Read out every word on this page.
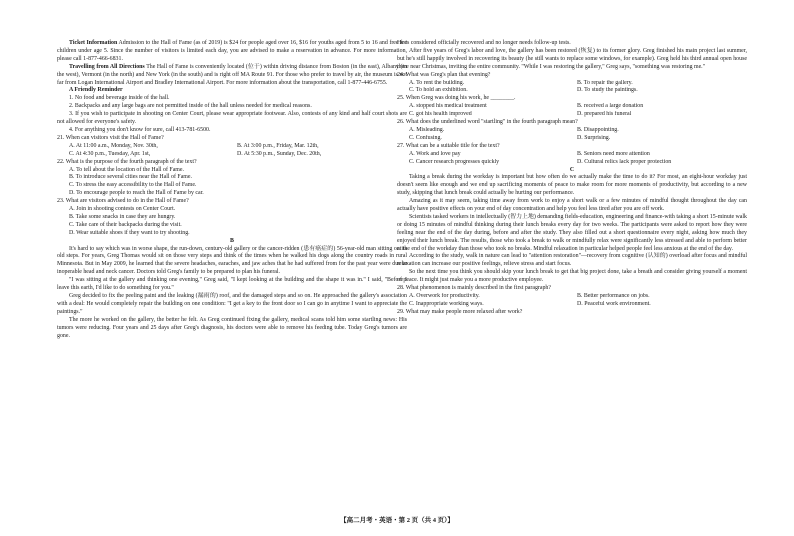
Ticket Information Admission to the Hall of Fame (as of 2019) is $24 for people aged over 16, $16 for youths aged from 5 to 16 and free for children under age 5. Since the number of visitors is limited each day, you are advised to make a reservation in advance. For more information, please call 1-877-466-6831.

Travelling from All Directions The Hall of Fame is conveniently located (位于) within driving distance from Boston (in the east), Albany (in the west), Vermont (in the north) and New York (in the south) and is right off MA Route 91. For those who prefer to travel by air, the museum is not far from Logan International Airport and Bradley International Airport. For more information about the transportation, call 1-877-446-6755.

A Friendly Reminder

1. No food and beverage inside of the hall.

2. Backpacks and any large bags are not permitted inside of the hall unless needed for medical reasons.

3. If you wish to participate in shooting on Center Court, please wear appropriate footwear. Also, contests of any kind and half court shots are not allowed for everyone's safety.

4. For anything you don't know for sure, call 413-781-6500.

21. When can visitors visit the Hall of Fame?

A. At 11:00 a.m., Monday, Nov. 30th,	B. At 3:00 p.m., Friday, Mar. 12th,
C. At 4:30 p.m., Tuesday, Apr. 1st,	D. At 5:30 p.m., Sunday, Dec. 20th,

22. What is the purpose of the fourth paragraph of the text?

A. To tell about the location of the Hall of Fame.

B. To introduce several cities near the Hall of Fame.

C. To stress the easy accessibility to the Hall of Fame.

D. To encourage people to reach the Hall of Fame by car.

23. What are visitors advised to do in the Hall of Fame?

A. Join in shooting contests on Center Court.

B. Take some snacks in case they are hungry.

C. Take care of their backpacks during the visit.

D. Wear suitable shoes if they want to try shooting.

B

It's hard to say which was in worse shape, the run-down, century-old gallery or the cancer-ridden (患有癌症的) 56-year-old man sitting on its old steps. For years, Greg Thomas would sit on those very steps and think of the times when he walked his dogs along the country roads in rural Minnesota. But in May 2009, he learned that the severe headaches, earaches, and jaw aches that he had suffered from for the past year were due to inoperable head and neck cancer. Doctors told Greg's family to be prepared to plan his funeral.

"I was sitting at the gallery and thinking one evening," Greg said, "I kept looking at the building and the shape it was in." I said, "Before I leave this earth, I'd like to do something for you."

Greg decided to fix the peeling paint and the leaking (漏雨的) roof, and the damaged steps and so on. He approached the gallery's association with a deal: He would completely repair the building on one condition: "I get a key to the front door so I can go in anytime I want to appreciate the paintings."

The more he worked on the gallery, the better he felt. As Greg continued fixing the gallery, medical scans told him some startling news: His tumors were reducing. Four years and 25 days after Greg's diagnosis, his doctors were able to remove his feeding tube. Today Greg's tumors are gone.

He is considered officially recovered and no longer needs follow-up tests.

After five years of Greg's labor and love, the gallery has been restored (恢复) to its former glory. Greg finished his main project last summer, but he's still happily involved in recovering its beauty (he still wants to replace some windows, for example). Greg held his third annual open house there near Christmas, inviting the entire community. "While I was restoring the gallery," Greg says, "something was restoring me."

24. What was Greg's plan that evening?

A. To rent the building.	B. To repair the gallery.
C. To hold an exhibition.	D. To study the paintings.

25. When Greg was doing his work, he ________.

A. stopped his medical treatment	B. received a large donation
C. got his health improved	D. prepared his funeral

26. What does the underlined word "startling" in the fourth paragraph mean?

A. Misleading.	B. Disappointing.
C. Confusing.	D. Surprising.

27. What can be a suitable title for the text?

A. Work and love pay	B. Seniors need more attention
C. Cancer research progresses quickly	D. Cultural relics lack proper protection

C

Taking a break during the workday is important but how often do we actually make the time to do it? For most, an eight-hour workday just doesn't seem like enough and we end up sacrificing moments of peace to make room for more moments of productivity, but according to a new study, skipping that lunch break could actually be hurting our performance.

Amazing as it may seem, taking time away from work to enjoy a short walk or a few minutes of mindful thought throughout the day can actually have positive effects on your end of day concentration and help you feel less tired after you are off work.

Scientists tasked workers in intellectually (智力上地) demanding fields-education, engineering and finance-with taking a short 15-minute walk or doing 15 minutes of mindful thinking during their lunch breaks every day for two weeks. The participants were asked to report how they were feeling near the end of the day during, before and after the study. They also filled out a short questionnaire every night, asking how much they enjoyed their lunch break. The results, those who took a break to walk or mindfully relax were significantly less stressed and able to perform better at the end of the workday than those who took no breaks. Mindful relaxation in particular helped people feel less anxious at the end of the day.

According to the study, walk in nature can lead to "attention restoration"—recovery from cognitive (认知的) overload after focus and mindful relaxation can increase our positive feelings, relieve stress and start focus.

So the next time you think you should skip your lunch break to get that big project done, take a breath and consider giving yourself a moment of peace. It might just make you a more productive employee.

28. What phenomenon is mainly described in the first paragraph?

A. Overwork for productivity.	B. Better performance on jobs.
C. Inappropriate working ways.	D. Peaceful work environment.

29. What may make people more relaxed after work?

【高二月考・英语・第 2 页（共 4 页）】
